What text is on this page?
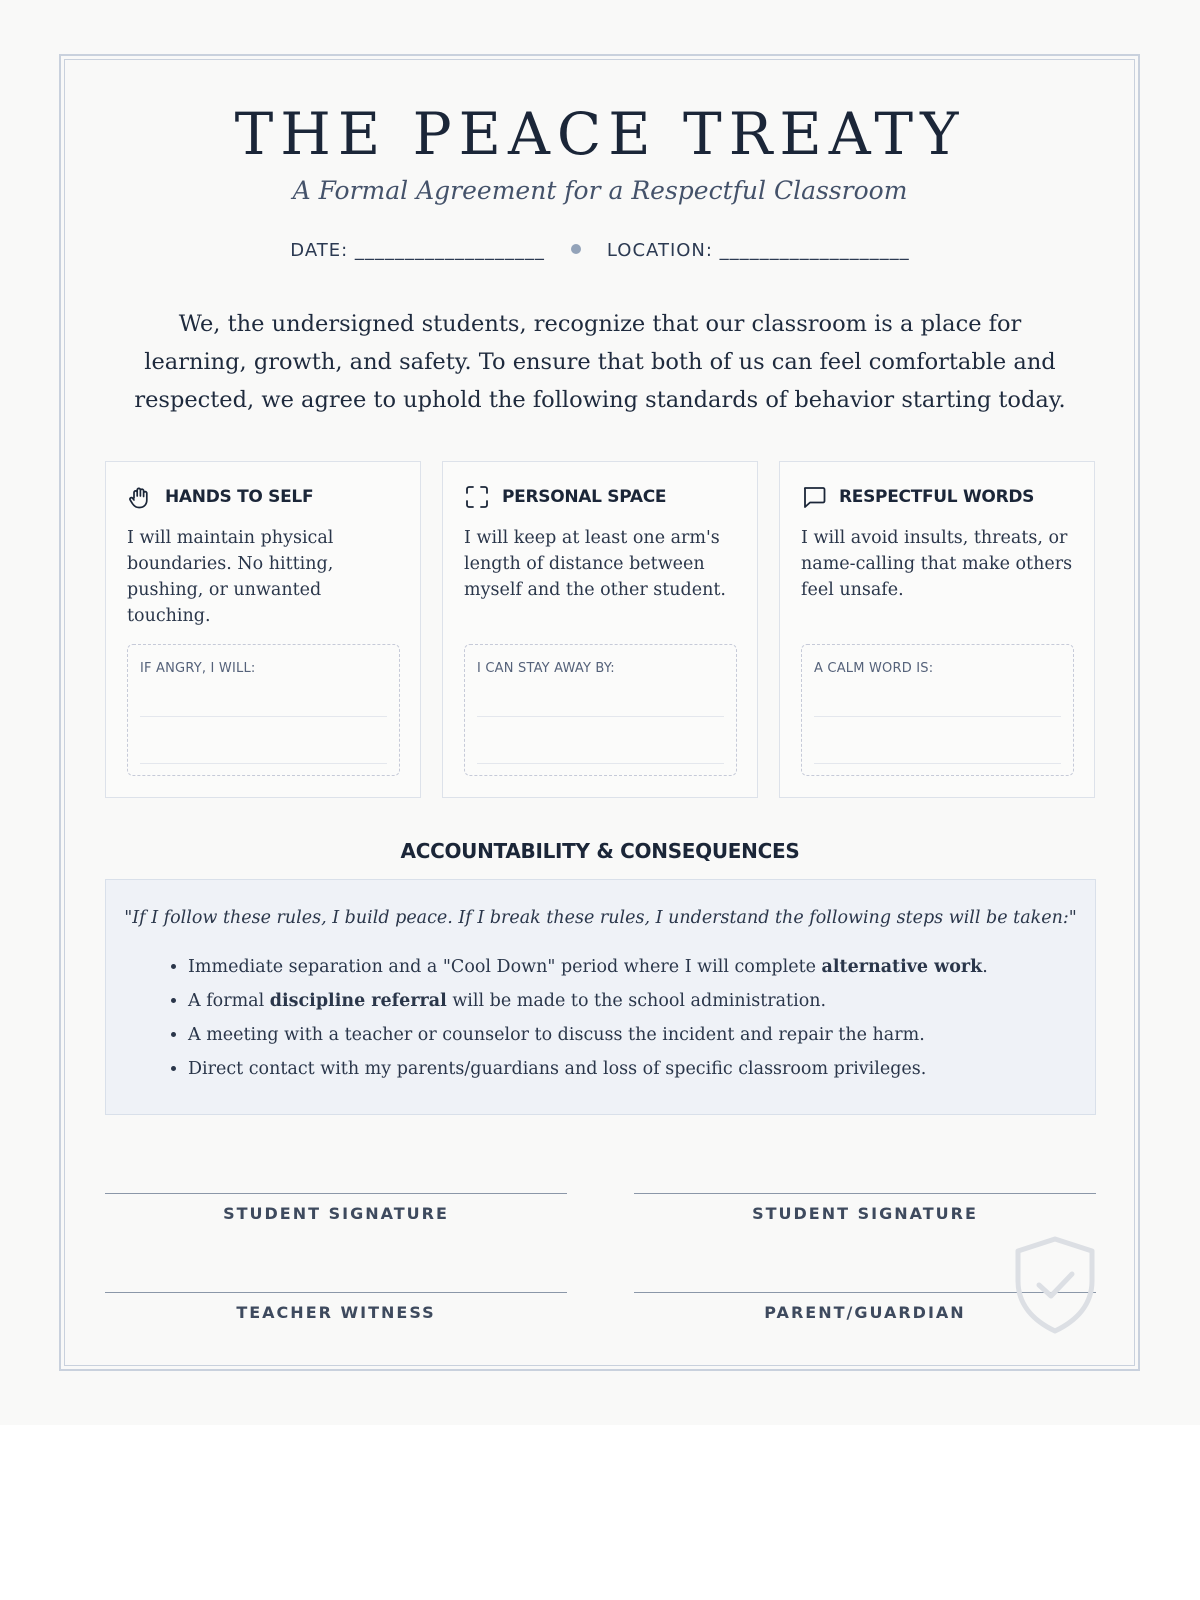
THE PEACE TREATY
A Formal Agreement for a Respectful Classroom
DATE: ___________________	LOCATION: ___________________
We, the undersigned students, recognize that our classroom is a place for learning, growth, and safety. To ensure that both of us can feel comfortable and respected, we agree to uphold the following standards of behavior starting today.
HANDS TO SELF
I will maintain physical boundaries. No hitting, pushing, or unwanted touching.
IF ANGRY, I WILL:
PERSONAL SPACE
I will keep at least one arm's length of distance between myself and the other student.
I CAN STAY AWAY BY:
RESPECTFUL WORDS
I will avoid insults, threats, or name-calling that make others feel unsafe.
A CALM WORD IS:
ACCOUNTABILITY & CONSEQUENCES
"If I follow these rules, I build peace. If I break these rules, I understand the following steps will be taken:"
• Immediate separation and a "Cool Down" period where I will complete alternative work.
• A formal discipline referral will be made to the school administration.
• A meeting with a teacher or counselor to discuss the incident and repair the harm.
• Direct contact with my parents/guardians and loss of specific classroom privileges.
STUDENT SIGNATURE	STUDENT SIGNATURE
TEACHER WITNESS	PARENT/GUARDIAN
